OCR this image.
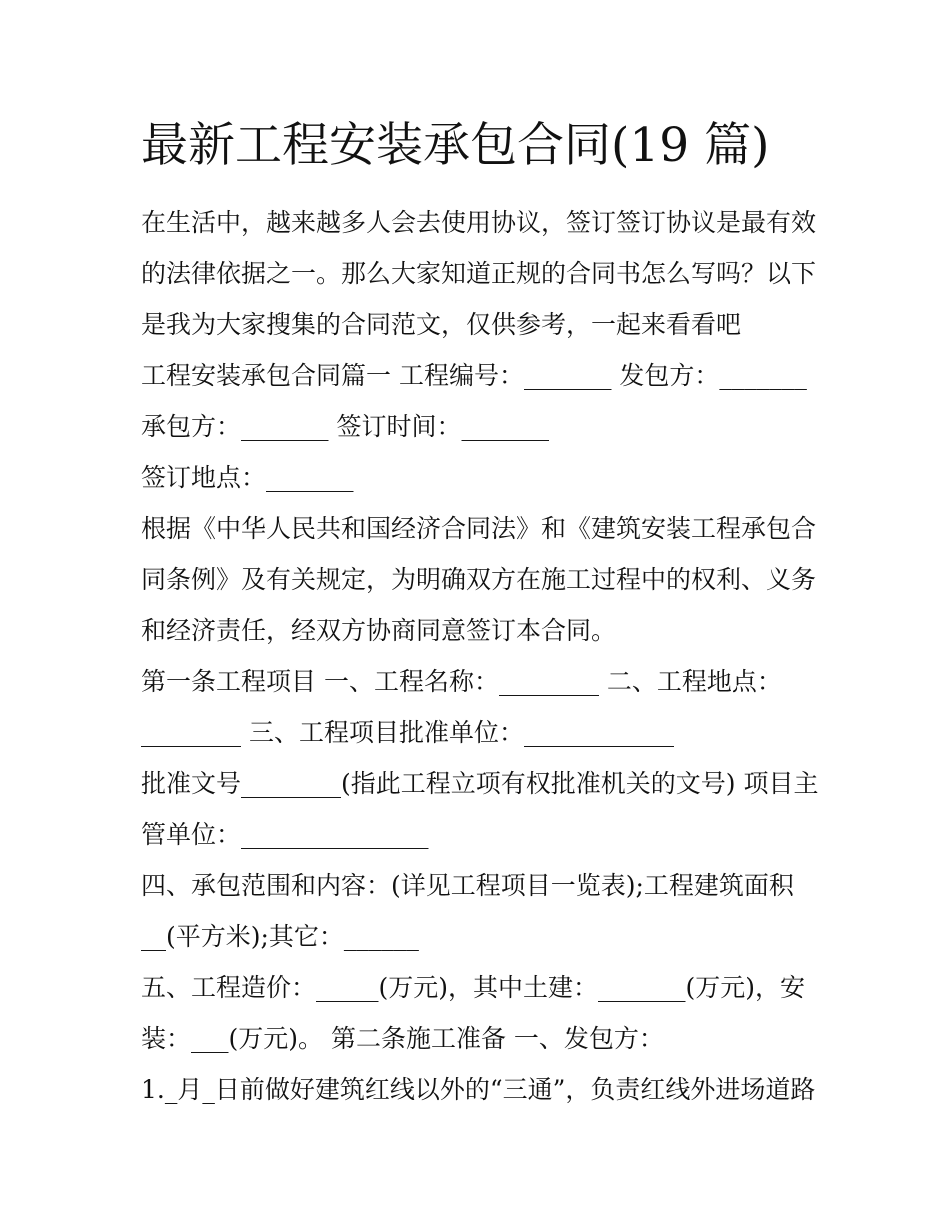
最新工程安装承包合同(19 篇)
在生活中，越来越多人会去使用协议，签订签订协议是最有效
的法律依据之一。那么大家知道正规的合同书怎么写吗？以下
是我为大家搜集的合同范文，仅供参考，一起来看看吧
工程安装承包合同篇一 工程编号：_______ 发包方：_______
承包方：_______ 签订时间：_______
签订地点：_______
根据《中华人民共和国经济合同法》和《建筑安装工程承包合
同条例》及有关规定，为明确双方在施工过程中的权利、义务
和经济责任，经双方协商同意签订本合同。
第一条工程项目 一、工程名称：________ 二、工程地点：
________ 三、工程项目批准单位：____________
批准文号________(指此工程立项有权批准机关的文号) 项目主
管单位：_______________
四、承包范围和内容：(详见工程项目一览表);工程建筑面积
__(平方米);其它：______
五、工程造价：_____(万元)，其中土建：_______(万元)，安
装：___(万元)。 第二条施工准备 一、发包方：
1._月_日前做好建筑红线以外的“三通”，负责红线外进场道路
